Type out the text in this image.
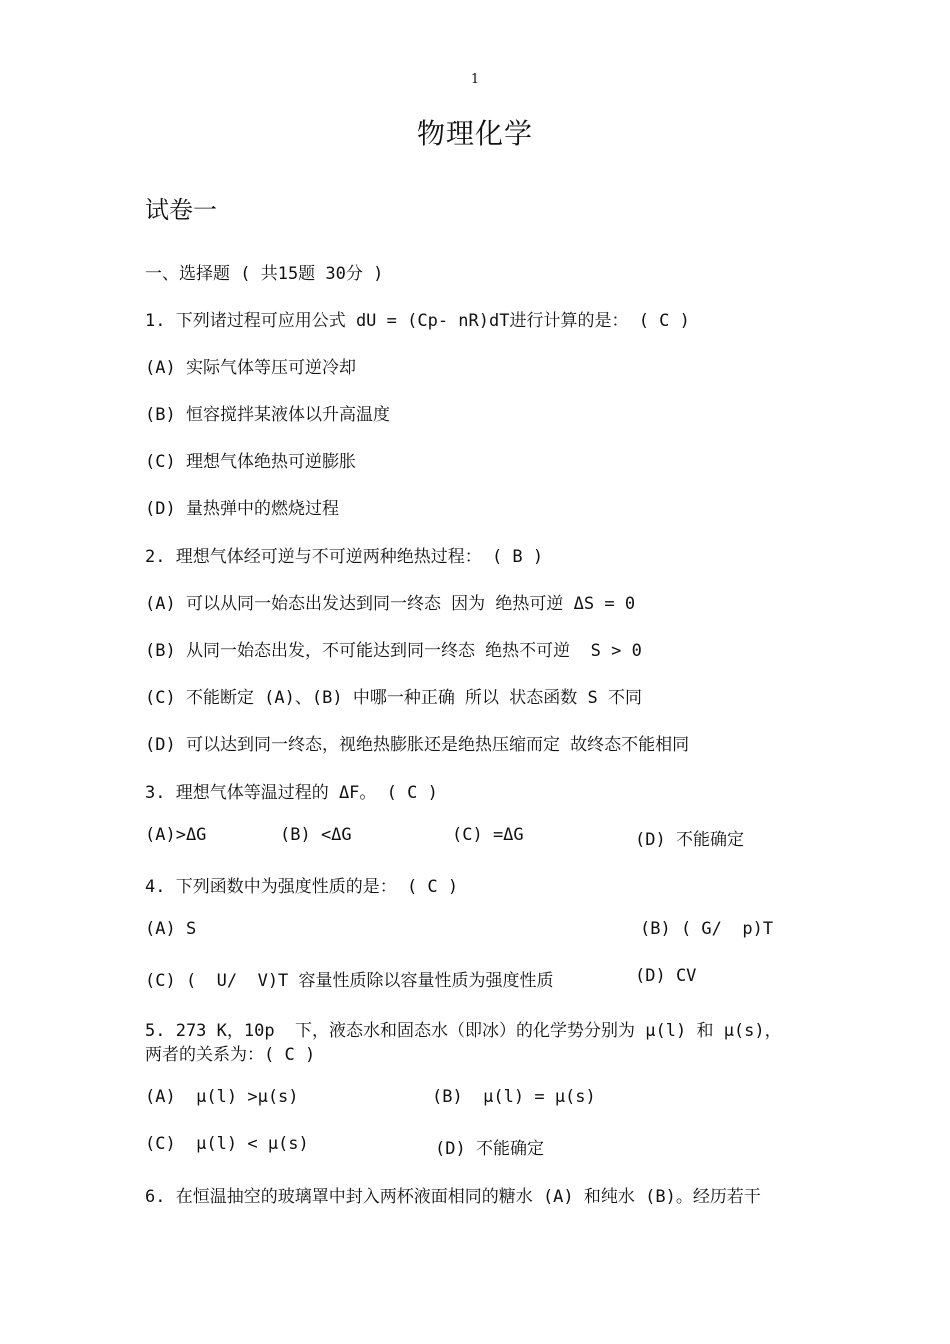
1
物理化学
试卷一
一、选择题 ( 共15题 30分 )
1. 下列诸过程可应用公式 dU = (Cp- nR)dT进行计算的是： ( C )
(A) 实际气体等压可逆冷却
(B) 恒容搅拌某液体以升高温度
(C) 理想气体绝热可逆膨胀
(D) 量热弹中的燃烧过程
2. 理想气体经可逆与不可逆两种绝热过程： ( B )
(A) 可以从同一始态出发达到同一终态 因为 绝热可逆 ΔS = 0
(B) 从同一始态出发，不可能达到同一终态 绝热不可逆  S > 0
(C) 不能断定 (A)、(B) 中哪一种正确 所以 状态函数 S 不同
(D) 可以达到同一终态，视绝热膨胀还是绝热压缩而定 故终态不能相同
3. 理想气体等温过程的 ΔF。 ( C )
(A)>ΔG	(B) <ΔG	(C) =ΔG	(D) 不能确定
4. 下列函数中为强度性质的是： ( C )
(A) S	(B) ( G/  p)T
(C) (  U/  V)T 容量性质除以容量性质为强度性质	(D) CV
5. 273 K，10p  下，液态水和固态水（即冰）的化学势分别为 μ(l) 和 μ(s)，
两者的关系为：( C )
(A)  μ(l) >μ(s)	(B)  μ(l) = μ(s)
(C)  μ(l) < μ(s)	(D) 不能确定
6. 在恒温抽空的玻璃罩中封入两杯液面相同的糖水 (A) 和纯水 (B)。经历若干
